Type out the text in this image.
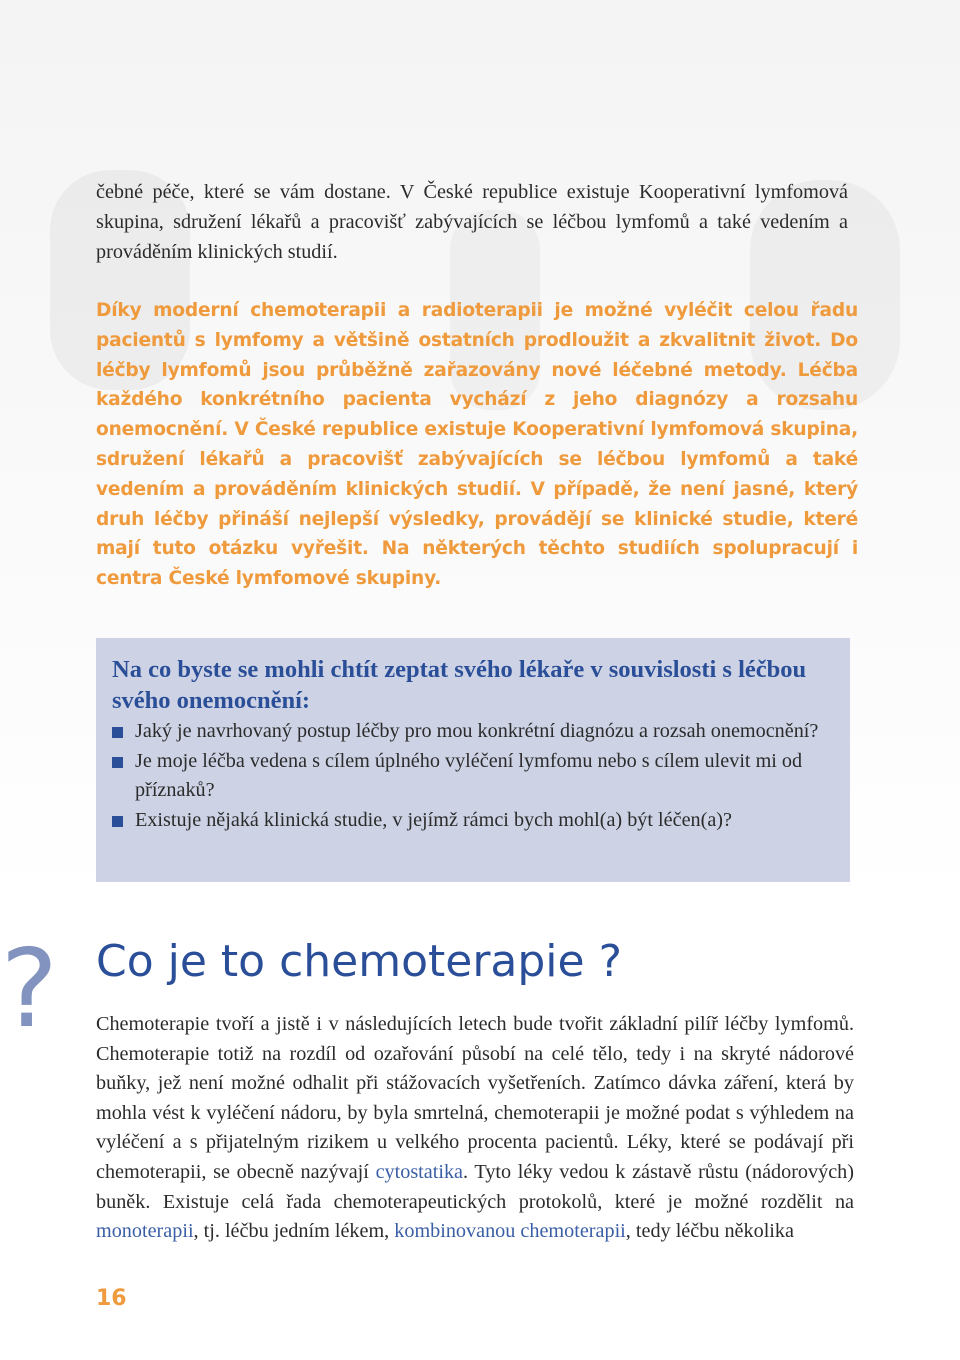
čebné péče, které se vám dostane. V České republice existuje Kooperativní lymfomová skupina, sdružení lékařů a pracovišť zabývajících se léčbou lymfomů a také vedením a prováděním klinických studií.

Díky moderní chemoterapii a radioterapii je možné vyléčit celou řadu pacientů s lymfomy a většině ostatních prodloužit a zkvalitnit život. Do léčby lymfomů jsou průběžně zařazovány nové léčebné metody. Léčba každého konkrétního pacienta vychází z jeho diagnózy a rozsahu onemocnění. V České republice existuje Kooperativní lymfomová skupina, sdružení lékařů a pracovišť zabývajících se léčbou lymfomů a také vedením a prováděním klinických studií. V případě, že není jasné, který druh léčby přináší nejlepší výsledky, provádějí se klinické studie, které mají tuto otázku vyřešit. Na některých těchto studiích spolupracují i centra České lymfomové skupiny.

Na co byste se mohli chtít zeptat svého lékaře v souvislosti s léčbou svého onemocnění:
Jaký je navrhovaný postup léčby pro mou konkrétní diagnózu a rozsah onemocnění?
Je moje léčba vedena s cílem úplného vyléčení lymfomu nebo s cílem ulevit mi od příznaků?
Existuje nějaká klinická studie, v jejímž rámci bych mohl(a) být léčen(a)?
? Co je to chemoterapie ?

Chemoterapie tvoří a jistě i v následujících letech bude tvořit základní pilíř léčby lymfomů. Chemoterapie totiž na rozdíl od ozařování působí na celé tělo, tedy i na skryté nádorové buňky, jež není možné odhalit při stážovacích vyšetřeních. Zatímco dávka záření, která by mohla vést k vyléčení nádoru, by byla smrtelná, chemoterapii je možné podat s výhledem na vyléčení a s přijatelným rizikem u velkého procenta pacientů. Léky, které se podávají při chemoterapii, se obecně nazývají cytostatika. Tyto léky vedou k zástavě růstu (nádorových) buněk. Existuje celá řada chemoterapeutických protokolů, které je možné rozdělit na monoterapii, tj. léčbu jedním lékem, kombinovanou chemoterapii, tedy léčbu několika

16
